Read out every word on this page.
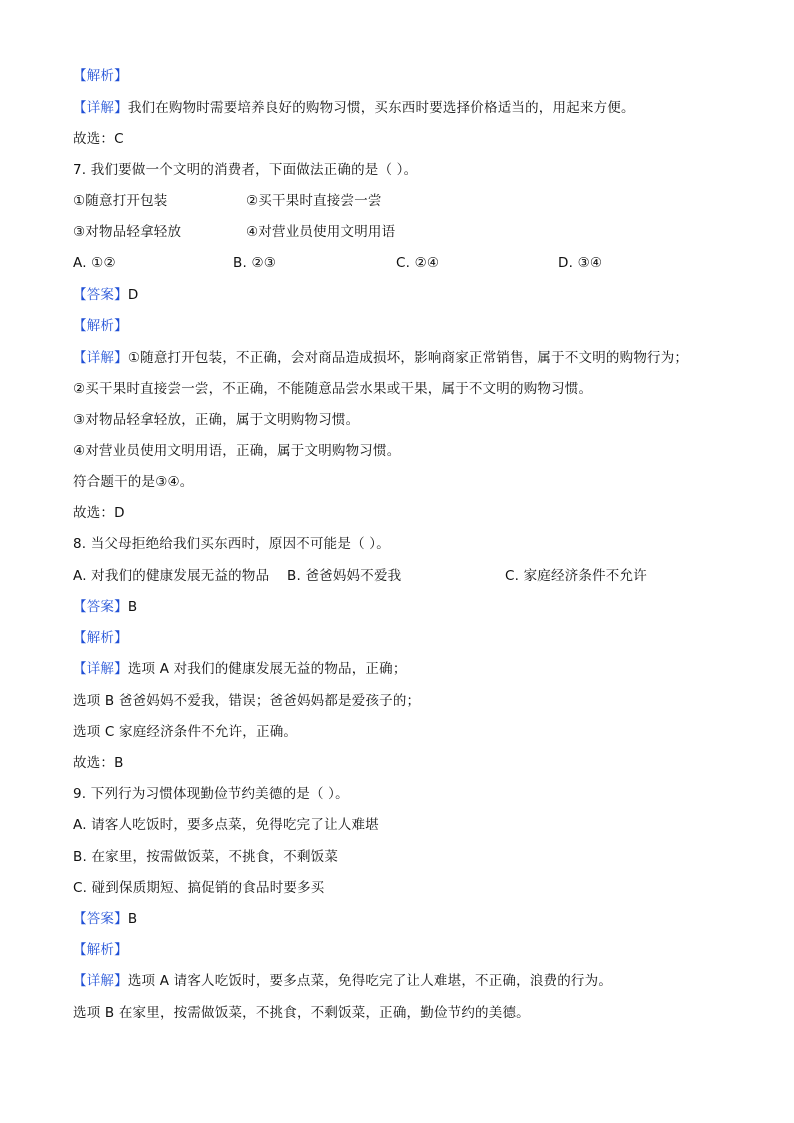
【解析】
【详解】我们在购物时需要培养良好的购物习惯，买东西时要选择价格适当的，用起来方便。
故选：C
7. 我们要做一个文明的消费者，下面做法正确的是（ ）。
①随意打开包装	②买干果时直接尝一尝
③对物品轻拿轻放	④对营业员使用文明用语
A. ①②	B. ②③	C. ②④	D. ③④
【答案】D
【解析】
【详解】①随意打开包装，不正确，会对商品造成损坏，影响商家正常销售，属于不文明的购物行为；
②买干果时直接尝一尝，不正确，不能随意品尝水果或干果，属于不文明的购物习惯。
③对物品轻拿轻放，正确，属于文明购物习惯。
④对营业员使用文明用语，正确，属于文明购物习惯。
符合题干的是③④。
故选：D
8. 当父母拒绝给我们买东西时，原因不可能是（ ）。
A. 对我们的健康发展无益的物品 B. 爸爸妈妈不爱我	C. 家庭经济条件不允许
【答案】B
【解析】
【详解】选项 A 对我们的健康发展无益的物品，正确；
选项 B 爸爸妈妈不爱我，错误；爸爸妈妈都是爱孩子的；
选项 C 家庭经济条件不允许，正确。
故选：B
9. 下列行为习惯体现勤俭节约美德的是（ ）。
A. 请客人吃饭时，要多点菜，免得吃完了让人难堪
B. 在家里，按需做饭菜，不挑食，不剩饭菜
C. 碰到保质期短、搞促销的食品时要多买
【答案】B
【解析】
【详解】选项 A 请客人吃饭时，要多点菜，免得吃完了让人难堪，不正确，浪费的行为。
选项 B 在家里，按需做饭菜，不挑食，不剩饭菜，正确，勤俭节约的美德。
